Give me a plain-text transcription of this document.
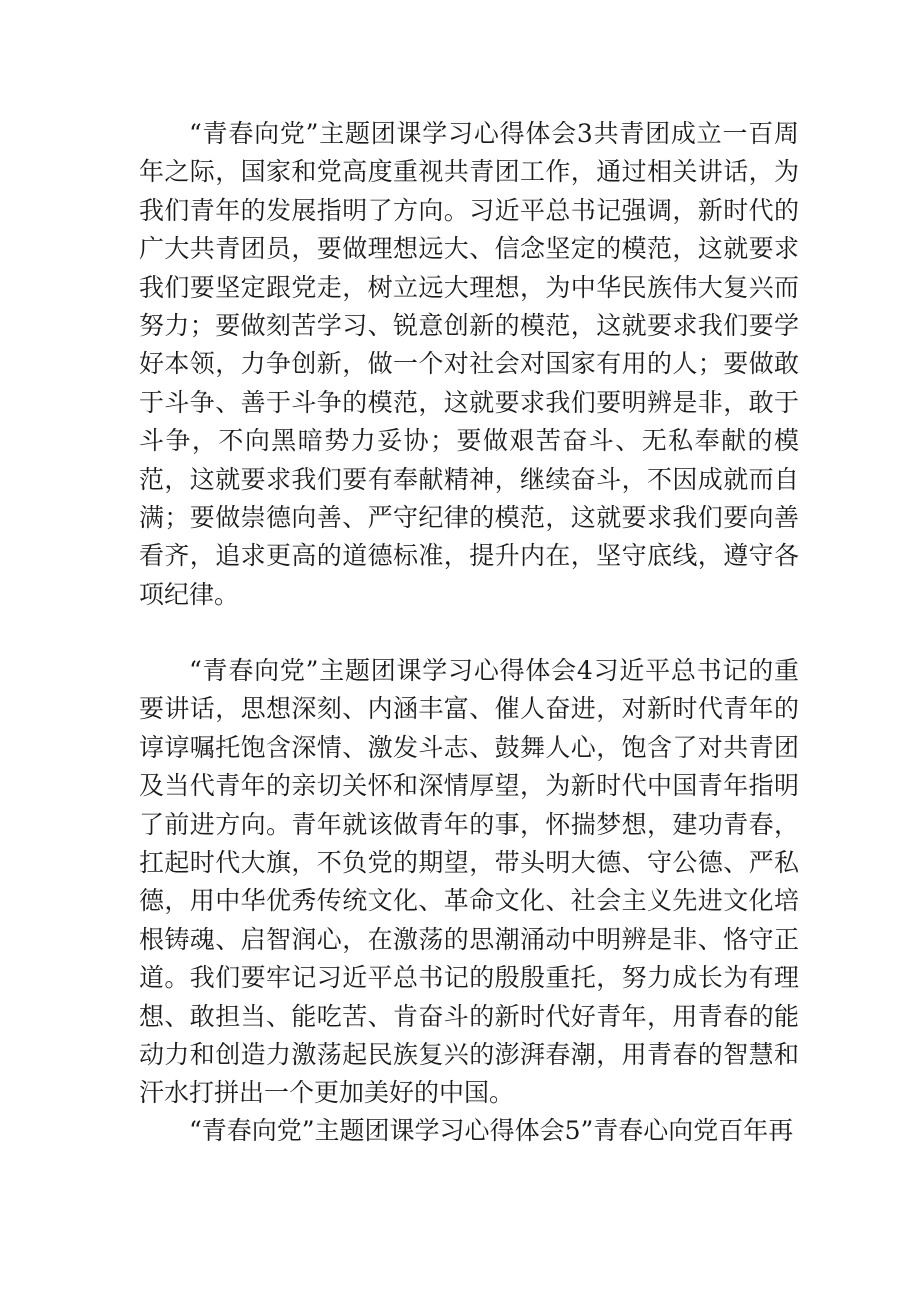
“青春向党”主题团课学习心得体会3共青团成立一百周年之际，国家和党高度重视共青团工作，通过相关讲话，为我们青年的发展指明了方向。习近平总书记强调，新时代的广大共青团员，要做理想远大、信念坚定的模范，这就要求我们要坚定跟党走，树立远大理想，为中华民族伟大复兴而努力；要做刻苦学习、锐意创新的模范，这就要求我们要学好本领，力争创新，做一个对社会对国家有用的人；要做敢于斗争、善于斗争的模范，这就要求我们要明辨是非，敢于斗争，不向黑暗势力妥协；要做艰苦奋斗、无私奉献的模范，这就要求我们要有奉献精神，继续奋斗，不因成就而自满；要做崇德向善、严守纪律的模范，这就要求我们要向善看齐，追求更高的道德标准，提升内在，坚守底线，遵守各项纪律。

“青春向党”主题团课学习心得体会4习近平总书记的重要讲话，思想深刻、内涵丰富、催人奋进，对新时代青年的谆谆嘱托饱含深情、激发斗志、鼓舞人心，饱含了对共青团及当代青年的亲切关怀和深情厚望，为新时代中国青年指明了前进方向。青年就该做青年的事，怀揣梦想，建功青春，扛起时代大旗，不负党的期望，带头明大德、守公德、严私德，用中华优秀传统文化、革命文化、社会主义先进文化培根铸魂、启智润心，在激荡的思潮涌动中明辨是非、恪守正道。我们要牢记习近平总书记的殷殷重托，努力成长为有理想、敢担当、能吃苦、肯奋斗的新时代好青年，用青春的能动力和创造力激荡起民族复兴的澎湃春潮，用青春的智慧和汗水打拼出一个更加美好的中国。

“青春向党”主题团课学习心得体会5”青春心向党百年再
